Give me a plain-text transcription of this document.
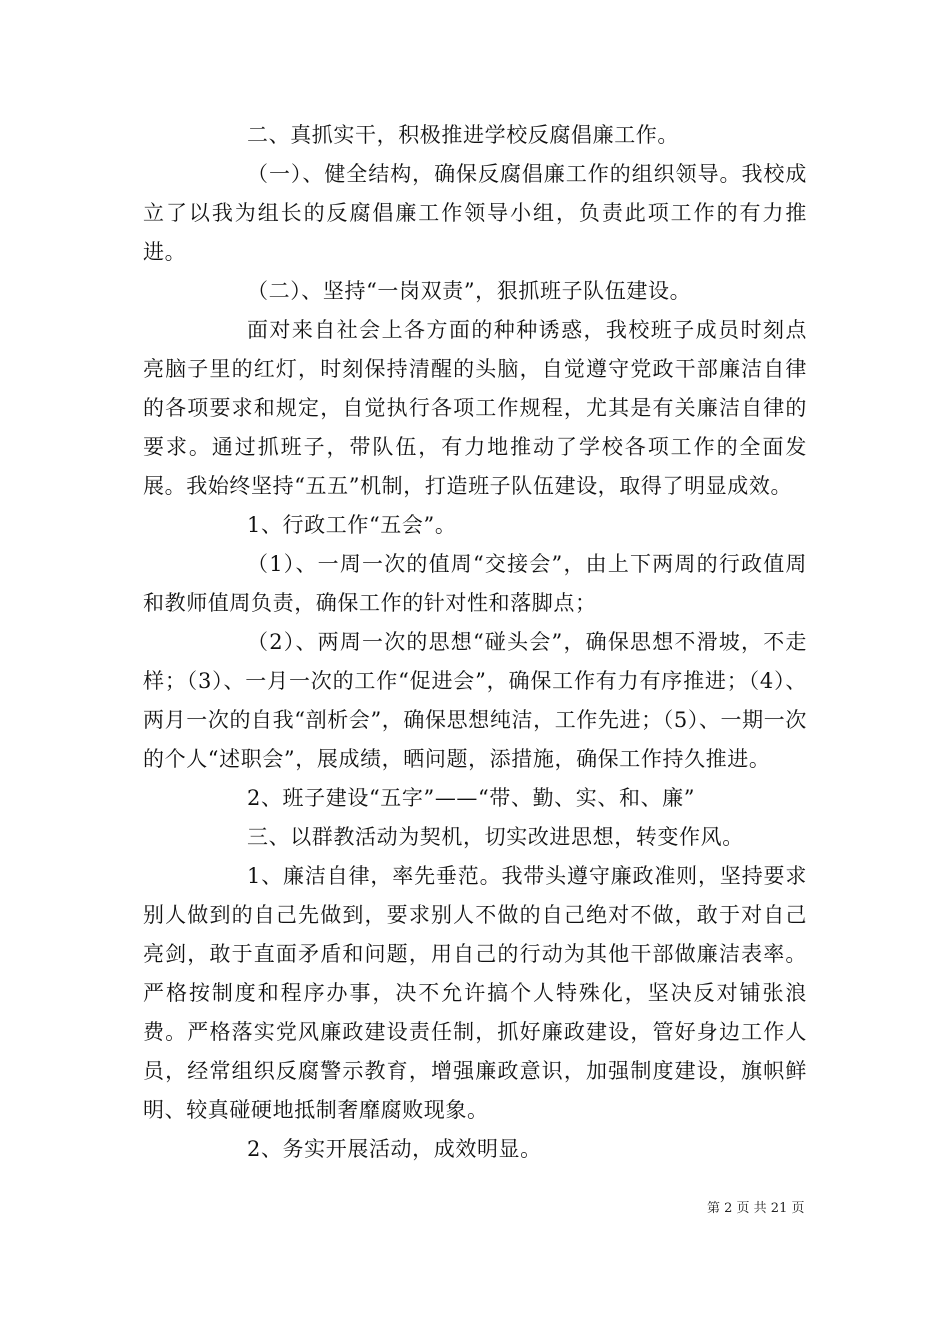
二、真抓实干，积极推进学校反腐倡廉工作。

（一）、健全结构，确保反腐倡廉工作的组织领导。我校成立了以我为组长的反腐倡廉工作领导小组，负责此项工作的有力推进。

（二）、坚持“一岗双责”，狠抓班子队伍建设。

面对来自社会上各方面的种种诱惑，我校班子成员时刻点亮脑子里的红灯，时刻保持清醒的头脑，自觉遵守党政干部廉洁自律的各项要求和规定，自觉执行各项工作规程，尤其是有关廉洁自律的要求。通过抓班子，带队伍，有力地推动了学校各项工作的全面发展。我始终坚持“五五”机制，打造班子队伍建设，取得了明显成效。

1、行政工作“五会”。

（1）、一周一次的值周“交接会”，由上下两周的行政值周和教师值周负责，确保工作的针对性和落脚点；

（2）、两周一次的思想“碰头会”，确保思想不滑坡，不走样；（3）、一月一次的工作“促进会”，确保工作有力有序推进；（4）、两月一次的自我“剖析会”，确保思想纯洁，工作先进；（5）、一期一次的个人“述职会”，展成绩，晒问题，添措施，确保工作持久推进。

2、班子建设“五字”——“带、勤、实、和、廉”

三、以群教活动为契机，切实改进思想，转变作风。

1、廉洁自律，率先垂范。我带头遵守廉政准则，坚持要求别人做到的自己先做到，要求别人不做的自己绝对不做，敢于对自己亮剑，敢于直面矛盾和问题，用自己的行动为其他干部做廉洁表率。严格按制度和程序办事，决不允许搞个人特殊化，坚决反对铺张浪费。严格落实党风廉政建设责任制，抓好廉政建设，管好身边工作人员，经常组织反腐警示教育，增强廉政意识，加强制度建设，旗帜鲜明、较真碰硬地抵制奢靡腐败现象。

2、务实开展活动，成效明显。

第 2 页 共 21 页
